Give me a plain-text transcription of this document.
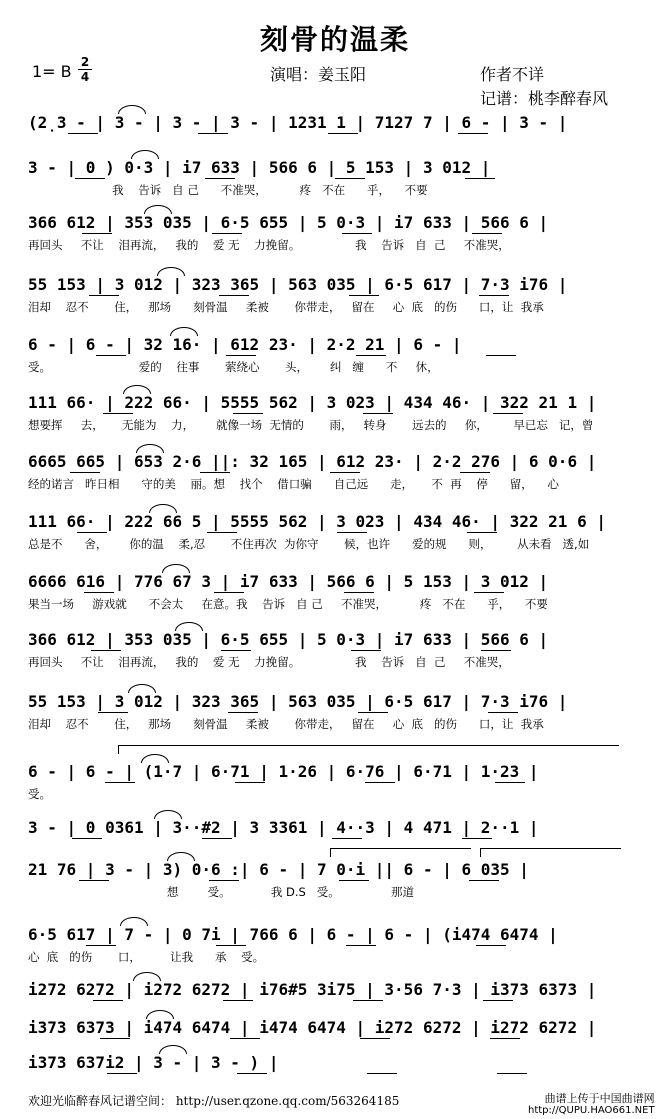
刻骨的温柔
1= B 2
4	演唱：姜玉阳	作者不详
记谱：桃李醉春风
(2̣3 - | 3 - | 3 - | 3 - | 1231 1 | 7127 7 | 6 - | 3 - |
3 - | 0 ) 0·3 | i7 633 | 566 6 | 5 153 | 3 012 |
我    告诉   自 己      不准哭，         疼   不在      乎，    不要
366 612 | 353 035 | 6·5 655 | 5 0·3 | i7 633 | 566 6 |
再回头     不让    泪再流，   我的    爱 无    力挽留。               我    告诉   自  己     不准哭，
55 153 | 3 012 | 323 365 | 563 035 | 6·5 617 | 7·3 i76 |
泪却    忍不       住，   那场      刻骨温     柔被       你带走，   留在     心  底   的伤      口，让  我承
6 - | 6 - | 32 16· | 612 23· | 2·2 21 | 6 - |
受。                        爱的    往事       萦绕心       头，      纠   缠      不     休，
111 66· | 222 66· | 5555 562 | 3 023 | 434 46· | 322 21 1 |
想要挥     去，     无能为    力，      就像一场  无情的       雨，   转身       远去的     你，       早已忘   记，曾
6665 665 | 653 2·6 ||: 32 165 | 612 23· | 2·2 276 | 6 0·6 |
经的诺言   昨日相      守的美    丽。想    找个    借口骗      自己远      走，     不  再    停      留，    心
111 66· | 222 66 5 | 5555 562 | 3 023 | 434 46· | 322 21 6 |
总是不      舍，      你的温    柔,忍       不住再次  为你守       候，也许      爱的规      则，       从未看   透,如
6666 616 | 776 67 3 | i7 633 | 566 6 | 5 153 | 3 012 |
果当一场     游戏就      不会太     在意。我    告诉   自 己     不准哭，         疼   不在      乎，    不要
366 612 | 353 035 | 6·5 655 | 5 0·3 | i7 633 | 566 6 |
再回头     不让    泪再流，   我的    爱 无    力挽留。               我    告诉   自  己     不准哭，
55 153 | 3 012 | 323 365 | 563 035 | 6·5 617 | 7·3 i76 |
泪却    忍不       住，   那场      刻骨温     柔被       你带走，   留在     心  底   的伤      口，让  我承
6 - | 6 - | (1·7 | 6·71 | 1·26 | 6·76 | 6·71 | 1·23 |
受。
3 - | 0 0361 | 3··#2 | 3 3361 | 4··3 | 4 471 | 2··1 |
21 76 | 3 - | 3) 0·6 :| 6 - | 7 0·i || 6 - | 6 035 |
想        受。           我 D.S   受。              那道
6·5 617 | 7 - | 0 7i | 766 6 | 6 - | 6 - | (i474 6474 |
心  底   的伤       口，        让我      承    受。
i272 6272 | i272 6272 | i76#5 3i75 | 3·56 7·3 | i373 6373 |
i373 6373 | i474 6474 | i474 6474 | i272 6272 | i272 6272 |
i373 637i2 | 3 - | 3 - ) |
欢迎光临醉春风记谱空间： http://user.qzone.qq.com/563264185	曲谱上传于中国曲谱网
http://QUPU.HAO661.NET
